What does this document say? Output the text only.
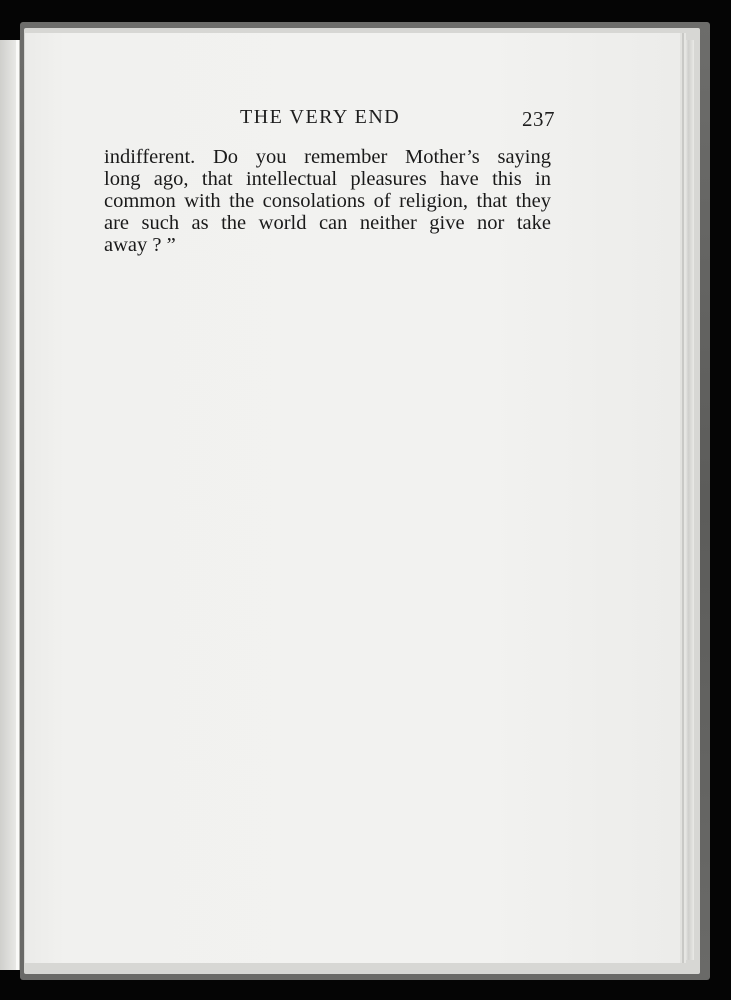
THE VERY END	237
indifferent. Do you remember Mother’s saying
long ago, that intellectual pleasures have this in
common with the consolations of religion, that they
are such as the world can neither give nor take
away ? ”
